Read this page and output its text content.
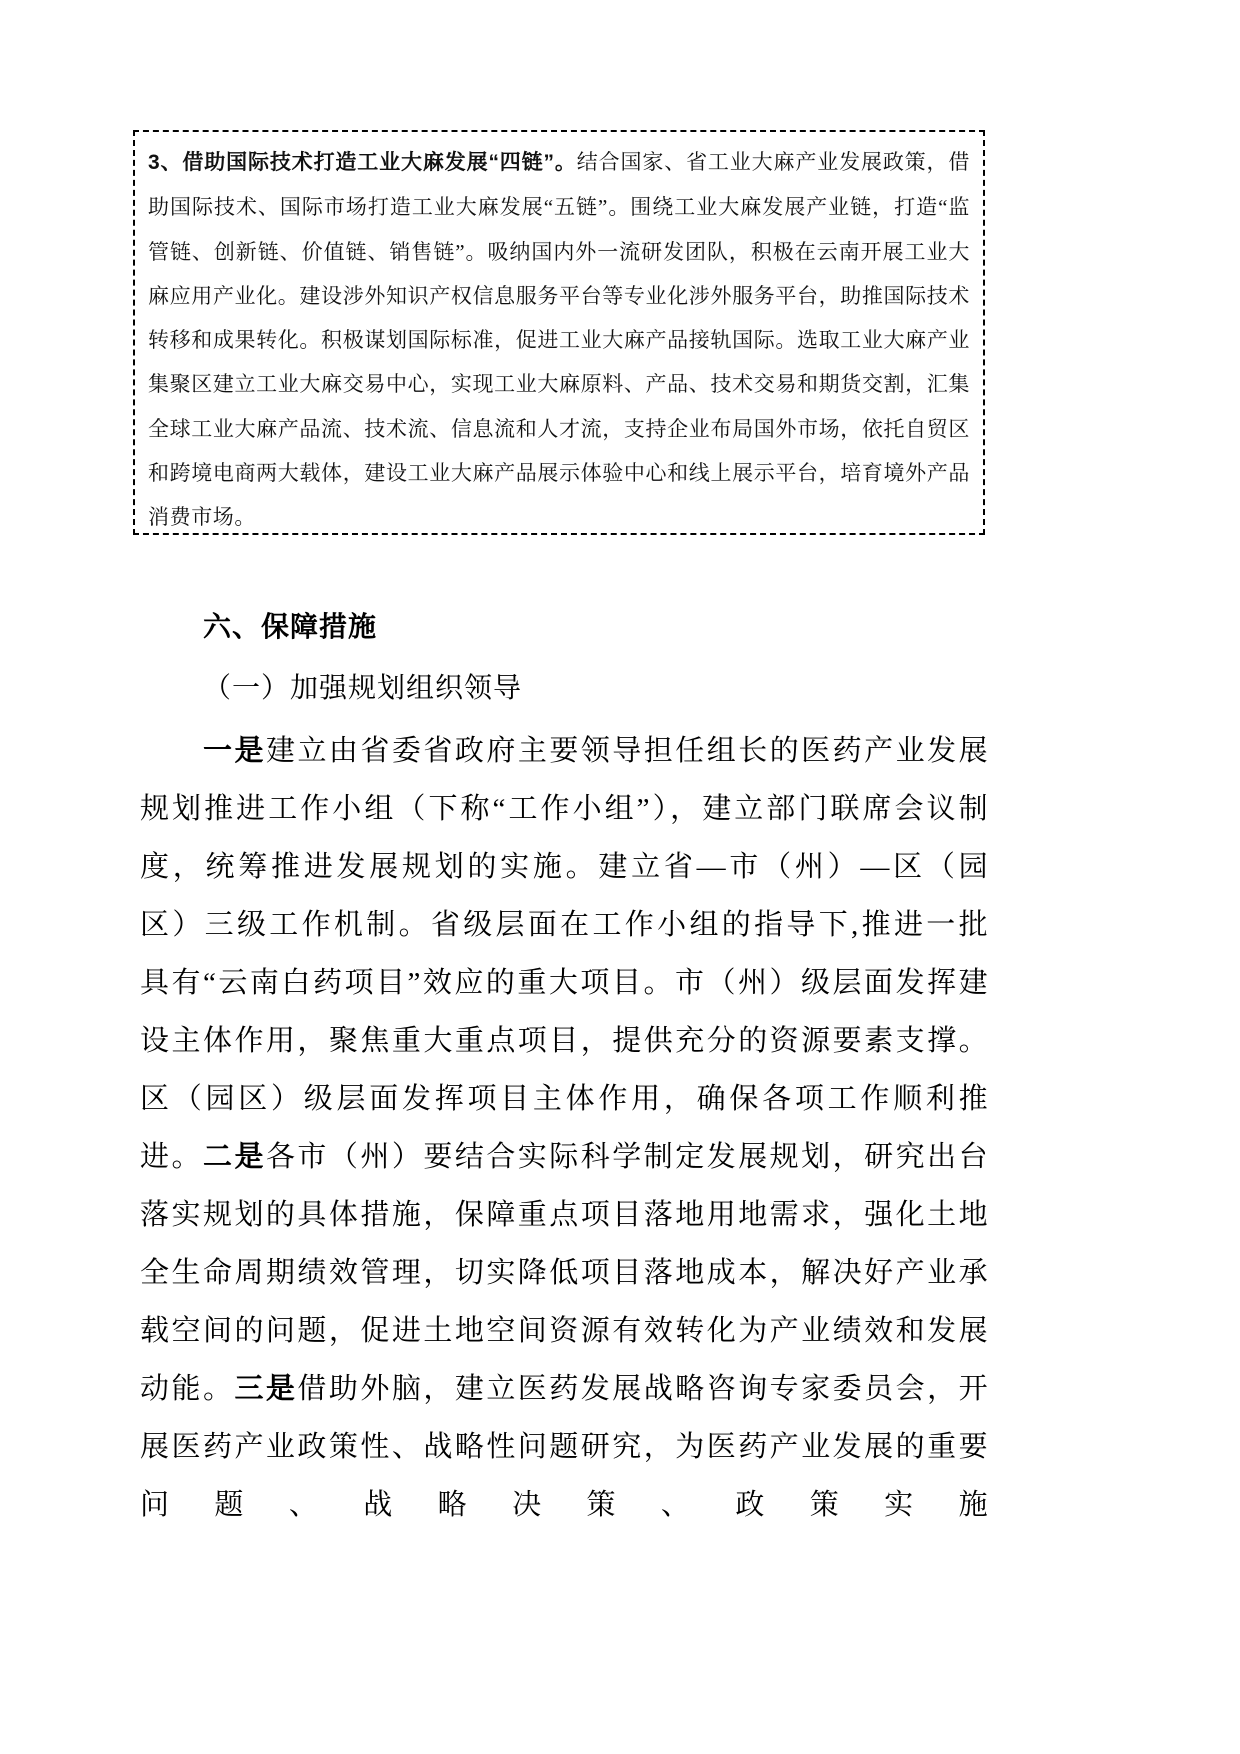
3、借助国际技术打造工业大麻发展“四链”。结合国家、省工业大麻产业发展政策，借助国际技术、国际市场打造工业大麻发展“五链”。围绕工业大麻发展产业链，打造“监管链、创新链、价值链、销售链”。吸纳国内外一流研发团队，积极在云南开展工业大麻应用产业化。建设涉外知识产权信息服务平台等专业化涉外服务平台，助推国际技术转移和成果转化。积极谋划国际标准，促进工业大麻产品接轨国际。选取工业大麻产业集聚区建立工业大麻交易中心，实现工业大麻原料、产品、技术交易和期货交割，汇集全球工业大麻产品流、技术流、信息流和人才流，支持企业布局国外市场，依托自贸区和跨境电商两大载体，建设工业大麻产品展示体验中心和线上展示平台，培育境外产品消费市场。

六、保障措施
（一）加强规划组织领导

一是建立由省委省政府主要领导担任组长的医药产业发展规划推进工作小组（下称“工作小组”），建立部门联席会议制度，统筹推进发展规划的实施。建立省—市（州）—区（园区）三级工作机制。省级层面在工作小组的指导下,推进一批具有“云南白药项目”效应的重大项目。市（州）级层面发挥建设主体作用，聚焦重大重点项目，提供充分的资源要素支撑。区（园区）级层面发挥项目主体作用，确保各项工作顺利推进。二是各市（州）要结合实际科学制定发展规划，研究出台落实规划的具体措施，保障重点项目落地用地需求，强化土地全生命周期绩效管理，切实降低项目落地成本，解决好产业承载空间的问题，促进土地空间资源有效转化为产业绩效和发展动能。三是借助外脑，建立医药发展战略咨询专家委员会，开展医药产业政策性、战略性问题研究，为医药产业发展的重要问题、战略决策、政策实施
